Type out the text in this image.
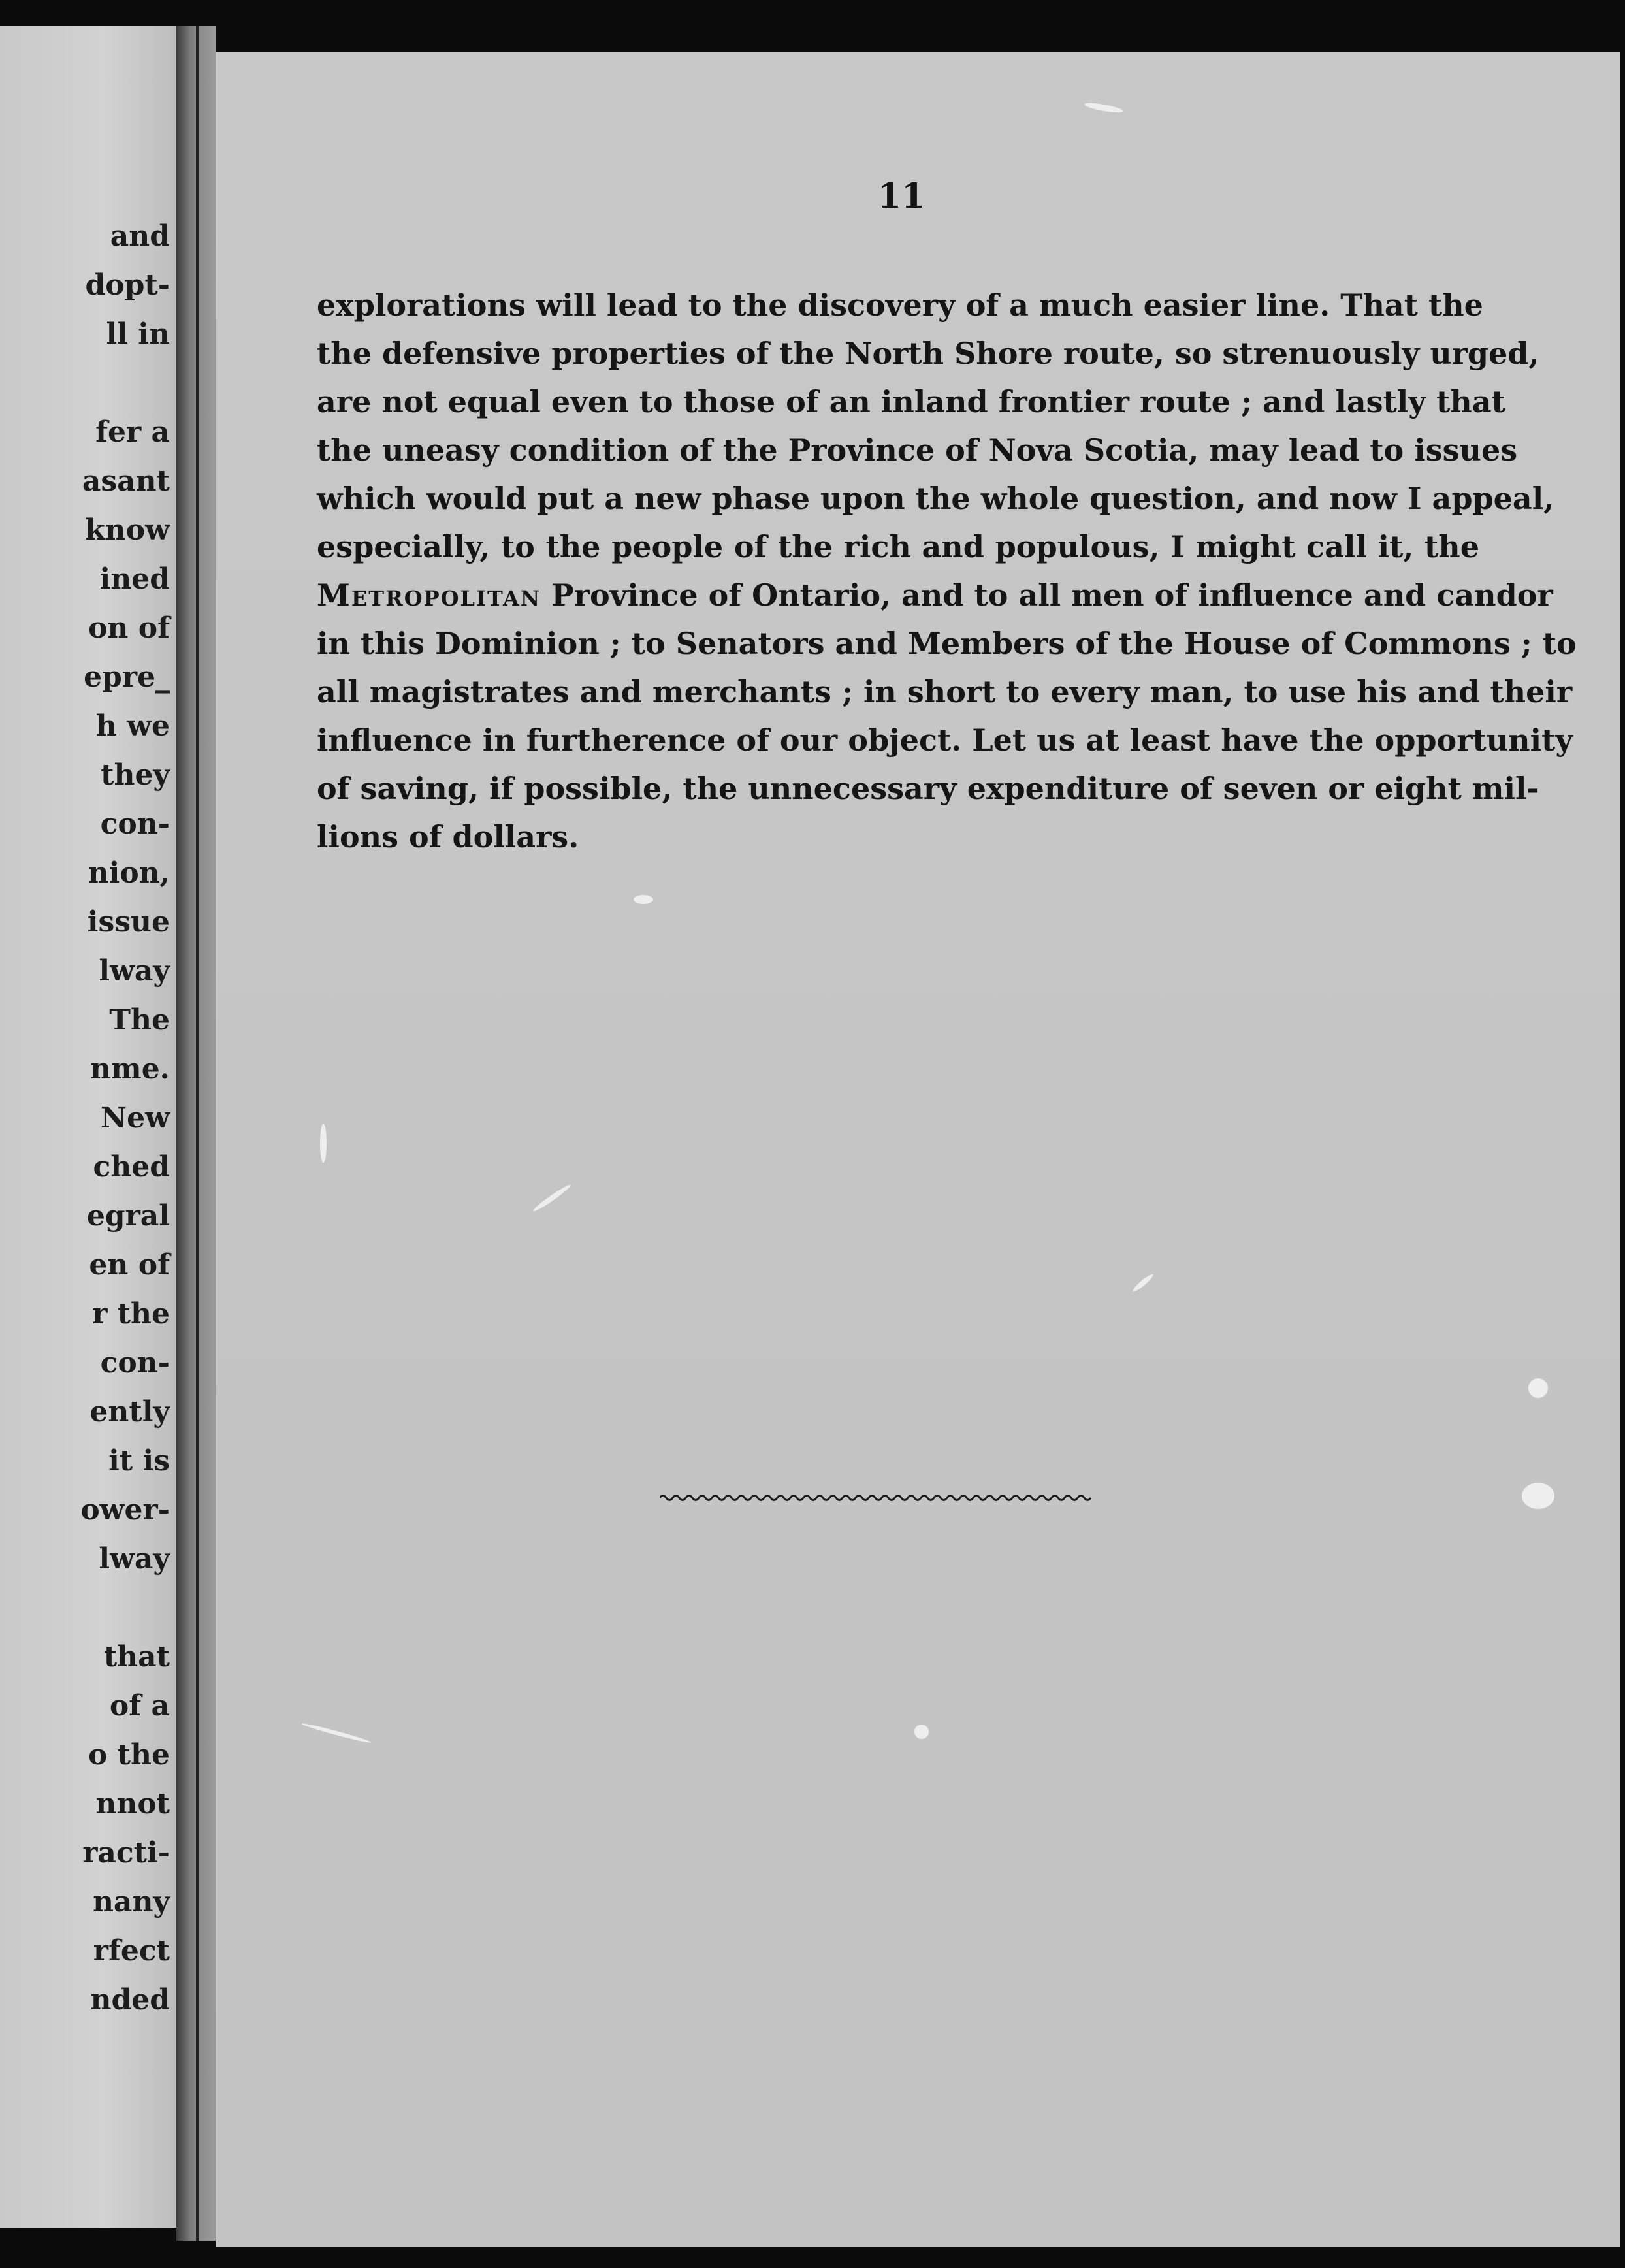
and
dopt-
ll in
fer a
asant
know
ined
on of
epre_
h we
they
con-
nion,
issue
lway
The
nme.
New
ched
egral
en of
r the
con-
ently
it is
ower-
lway
that
of a
o the
nnot
racti-
nany
rfect
nded
11
explorations will lead to the discovery of a much easier line. That the
the defensive properties of the North Shore route, so strenuously urged,
are not equal even to those of an inland frontier route ; and lastly that
the uneasy condition of the Province of Nova Scotia, may lead to issues
which would put a new phase upon the whole question, and now I appeal,
especially, to the people of the rich and populous, I might call it, the
Metropolitan Province of Ontario, and to all men of influence and candor
in this Dominion ; to Senators and Members of the House of Commons ; to
all magistrates and merchants ; in short to every man, to use his and their
influence in furtherence of our object. Let us at least have the opportunity
of saving, if possible, the unnecessary expenditure of seven or eight mil-
lions of dollars.
